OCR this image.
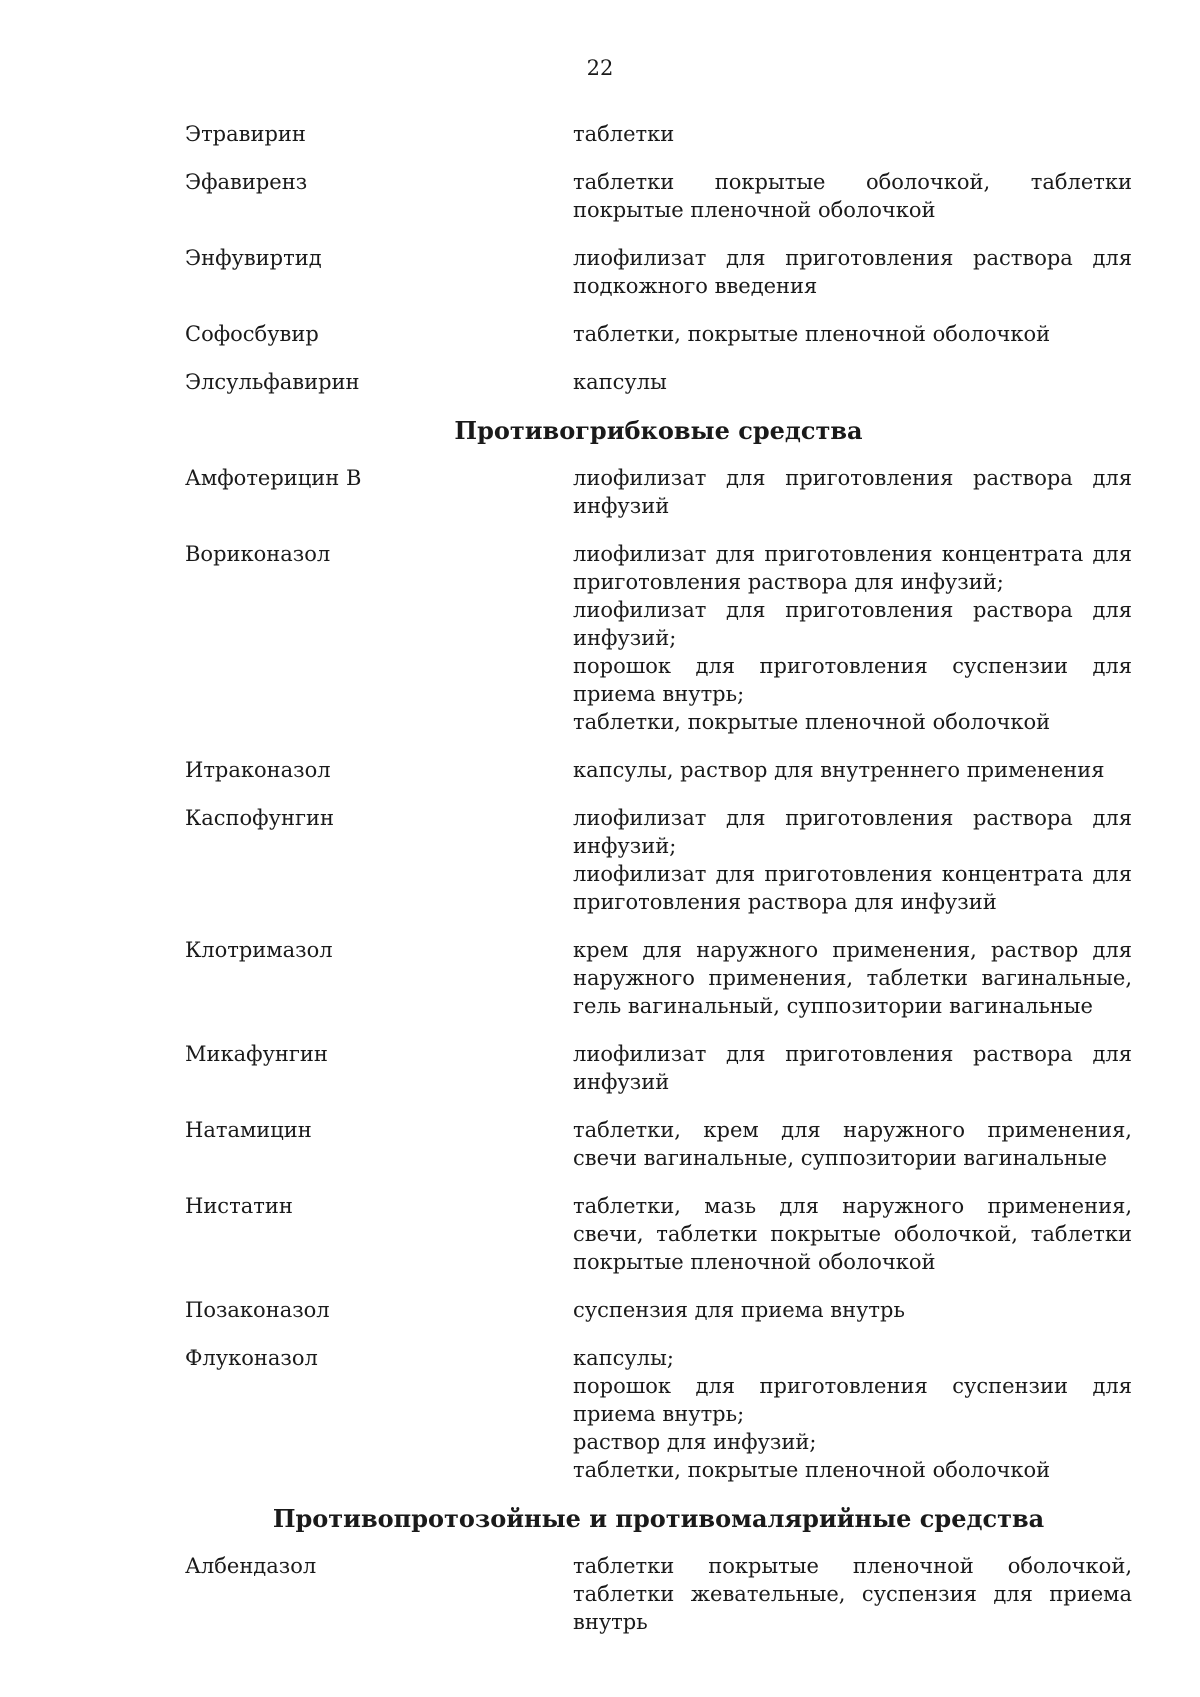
22
Этравирин	таблетки
Эфавиренз	таблетки покрытые оболочкой, таблетки покрытые пленочной оболочкой
Энфувиртид	лиофилизат для приготовления раствора для подкожного введения
Софосбувир	таблетки, покрытые пленочной оболочкой
Элсульфавирин	капсулы
Противогрибковые средства
Амфотерицин В	лиофилизат для приготовления раствора для инфузий
Вориконазол	лиофилизат для приготовления концентрата для приготовления раствора для инфузий;
лиофилизат для приготовления раствора для инфузий;
порошок для приготовления суспензии для приема внутрь;
таблетки, покрытые пленочной оболочкой
Итраконазол	капсулы, раствор для внутреннего применения
Каспофунгин	лиофилизат для приготовления раствора для инфузий;
лиофилизат для приготовления концентрата для приготовления раствора для инфузий
Клотримазол	крем для наружного применения, раствор для наружного применения, таблетки вагинальные, гель вагинальный, суппозитории вагинальные
Микафунгин	лиофилизат для приготовления раствора для инфузий
Натамицин	таблетки, крем для наружного применения, свечи вагинальные, суппозитории вагинальные
Нистатин	таблетки, мазь для наружного применения, свечи, таблетки покрытые оболочкой, таблетки покрытые пленочной оболочкой
Позаконазол	суспензия для приема внутрь
Флуконазол	капсулы;
порошок для приготовления суспензии для приема внутрь;
раствор для инфузий;
таблетки, покрытые пленочной оболочкой
Противопротозойные и противомалярийные средства
Албендазол	таблетки покрытые пленочной оболочкой, таблетки жевательные, суспензия для приема внутрь
